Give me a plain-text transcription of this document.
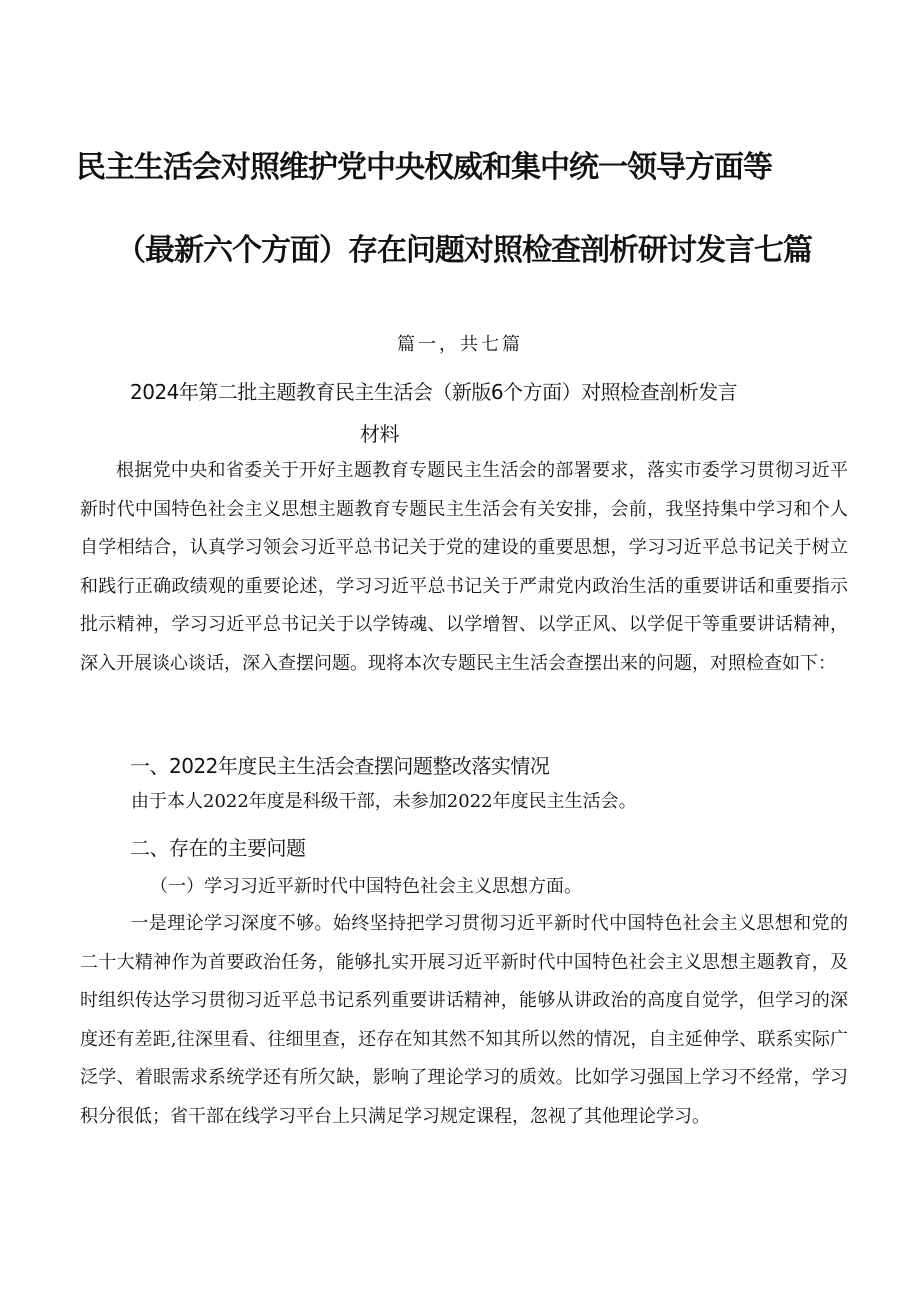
民主生活会对照维护党中央权威和集中统一领导方面等
（最新六个方面）存在问题对照检查剖析研讨发言七篇
篇一，共七篇
2024年第二批主题教育民主生活会（新版6个方面）对照检查剖析发言
材料

根据党中央和省委关于开好主题教育专题民主生活会的部署要求，落实市委学习贯彻习近平新时代中国特色社会主义思想主题教育专题民主生活会有关安排，会前，我坚持集中学习和个人自学相结合，认真学习领会习近平总书记关于党的建设的重要思想，学习习近平总书记关于树立和践行正确政绩观的重要论述，学习习近平总书记关于严肃党内政治生活的重要讲话和重要指示批示精神，学习习近平总书记关于以学铸魂、以学增智、以学正风、以学促干等重要讲话精神，深入开展谈心谈话，深入查摆问题。现将本次专题民主生活会查摆出来的问题，对照检查如下：

一、2022年度民主生活会查摆问题整改落实情况
由于本人2022年度是科级干部，未参加2022年度民主生活会。
二、存在的主要问题
（一）学习习近平新时代中国特色社会主义思想方面。

一是理论学习深度不够。始终坚持把学习贯彻习近平新时代中国特色社会主义思想和党的二十大精神作为首要政治任务，能够扎实开展习近平新时代中国特色社会主义思想主题教育，及时组织传达学习贯彻习近平总书记系列重要讲话精神，能够从讲政治的高度自觉学，但学习的深度还有差距,往深里看、往细里查，还存在知其然不知其所以然的情况，自主延伸学、联系实际广泛学、着眼需求系统学还有所欠缺，影响了理论学习的质效。比如学习强国上学习不经常，学习积分很低；省干部在线学习平台上只满足学习规定课程，忽视了其他理论学习。
